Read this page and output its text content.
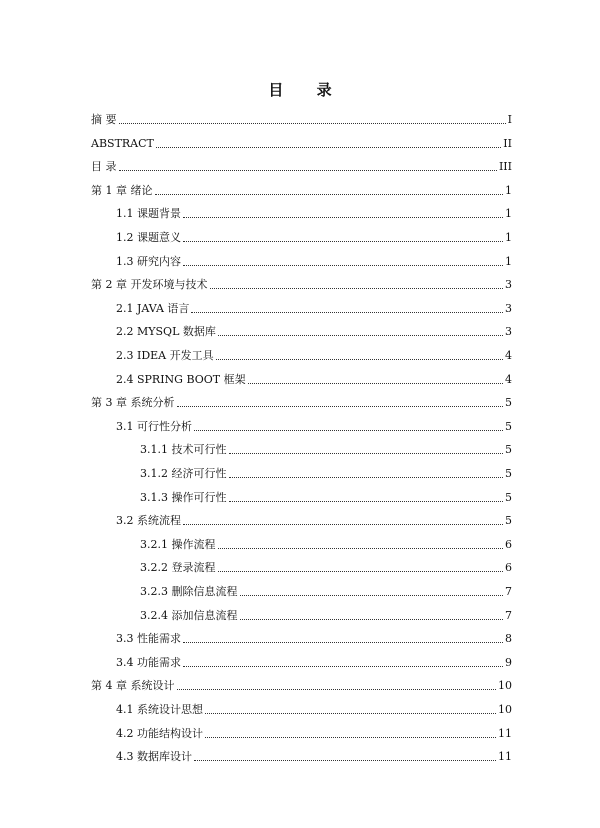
目 录
摘 要	I
ABSTRACT	II
目 录	III
第 1 章 绪论	1
1.1 课题背景	1
1.2 课题意义	1
1.3 研究内容	1
第 2 章 开发环境与技术	3
2.1 JAVA 语言	3
2.2 MYSQL 数据库	3
2.3 IDEA 开发工具	4
2.4 SPRING BOOT 框架	4
第 3 章 系统分析	5
3.1 可行性分析	5
3.1.1 技术可行性	5
3.1.2 经济可行性	5
3.1.3 操作可行性	5
3.2 系统流程	5
3.2.1 操作流程	6
3.2.2 登录流程	6
3.2.3 删除信息流程	7
3.2.4 添加信息流程	7
3.3 性能需求	8
3.4 功能需求	9
第 4 章 系统设计	10
4.1 系统设计思想	10
4.2 功能结构设计	11
4.3 数据库设计	11
